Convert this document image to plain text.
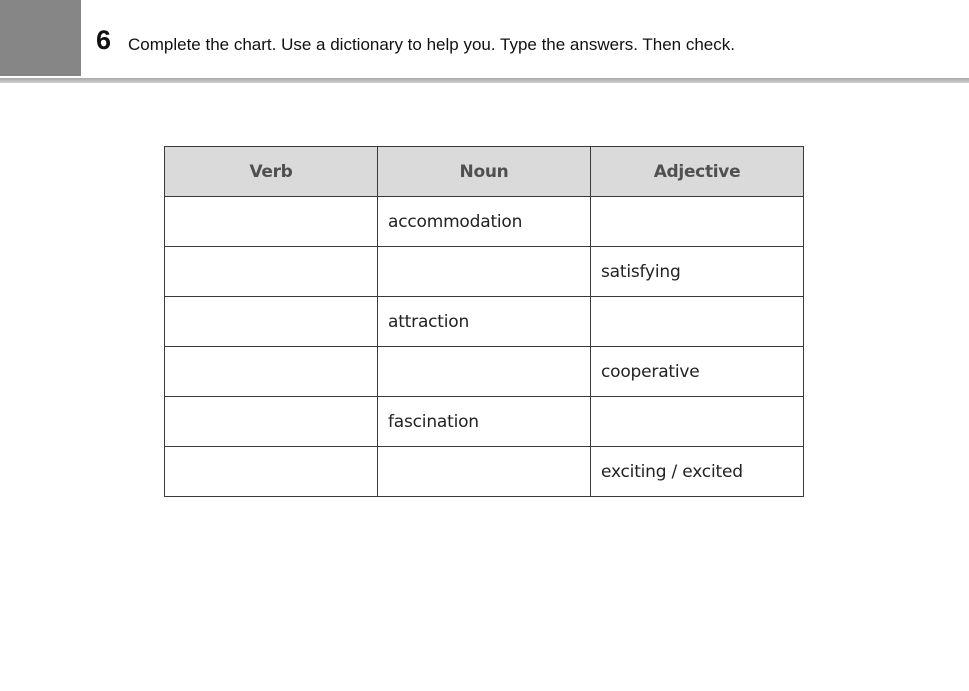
6 Complete the chart. Use a dictionary to help you. Type the answers. Then check.
Verb	Noun	Adjective
	accommodation	
		satisfying
	attraction	
		cooperative
	fascination	
		exciting / excited
